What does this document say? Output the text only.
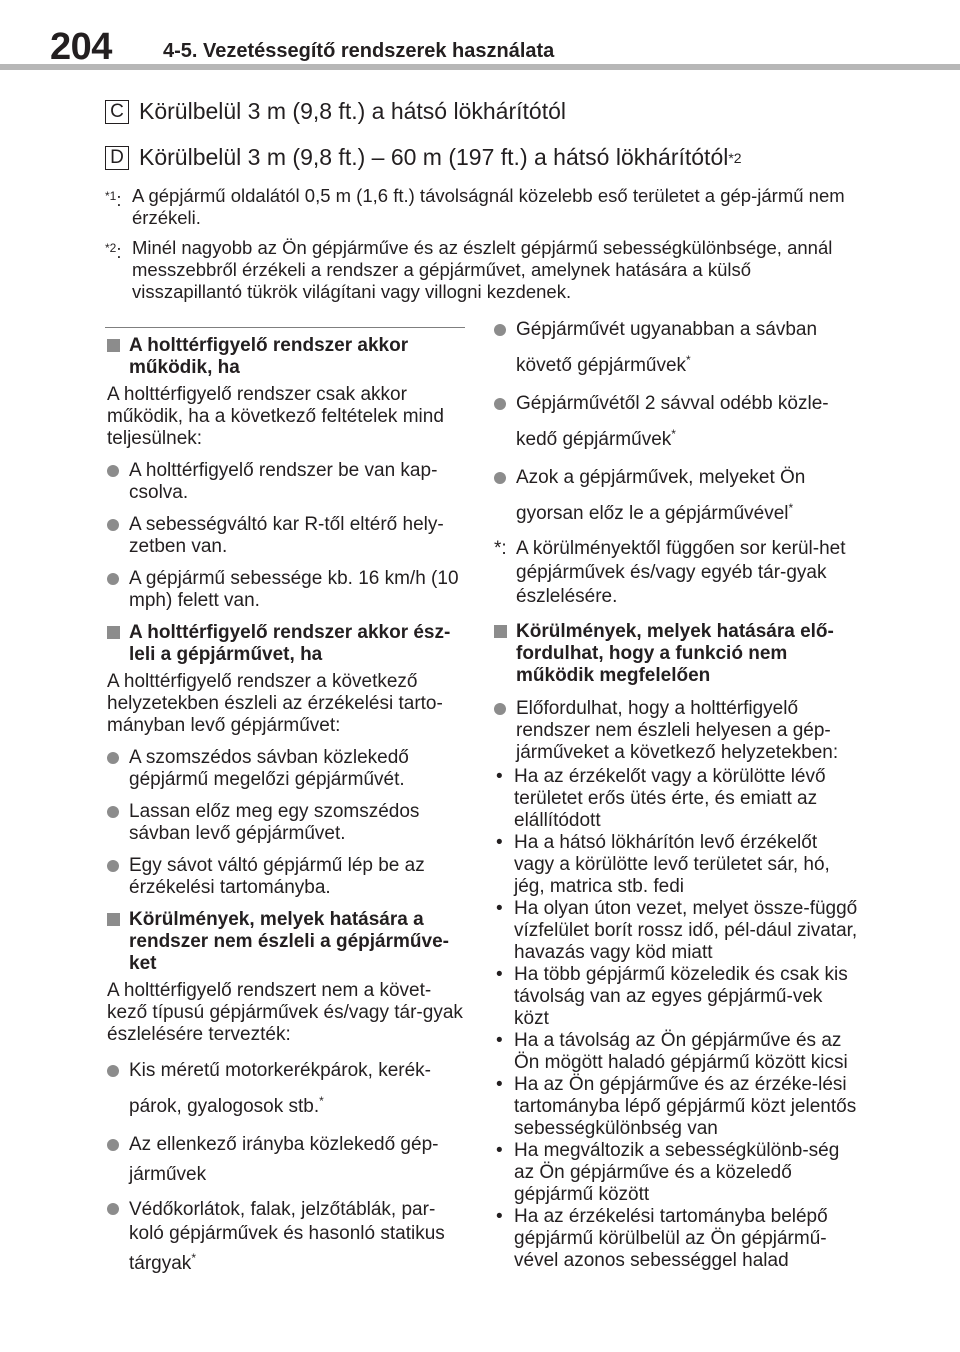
204	4-5. Vezetéssegítő rendszerek használata
C Körülbelül 3 m (9,8 ft.) a hátsó lökhárítótól
D Körülbelül 3 m (9,8 ft.) – 60 m (197 ft.) a hátsó lökhárítótól *2
$^{*1}$: A gépjármű oldalától 0,5 m (1,6 ft.) távolságnál közelebb eső területet a gép-jármű nem érzékeli.
$^{*2}$: Minél nagyobb az Ön gépjárművе és az észlelt gépjármű sebességkülönbsége, annál messzebbről érzékeli a rendszer a gépjárművet, amelynek hatására a külső visszapillantó tükrök világítani vagy villogni kezdenek.
A holttérfigyelő rendszer akkor működik, ha
A holttérfigyelő rendszer csak akkor működik, ha a következő feltételek mind teljesülnek:
A holttérfigyelő rendszer be van kap-csolva.
A sebességváltó kar R-től eltérő hely-zetben van.
A gépjármű sebessége kb. 16 km/h (10 mph) felett van.
A holttérfigyelő rendszer akkor ész-leli a gépjárművet, ha
A holttérfigyelő rendszer a következő helyzetekben észleli az érzékelési tarto-mányban levő gépjárművet:
A szomszédos sávban közlekedő gépjármű megelőzi gépjárművét.
Lassan előz meg egy szomszédos sávban levő gépjárművet.
Egy sávot váltó gépjármű lép be az érzékelési tartományba.
Körülmények, melyek hatására a rendszer nem észleli a gépjárműve-ket
A holttérfigyelő rendszert nem a követ-kező típusú gépjárművek és/vagy tár-gyak észlelésére tervezték:
Kis méretű motorkerékpárok, kerék-párok, gyalogosok stb.*
Az ellenkező irányba közlekedő gép-járművek
Védőkorlátok, falak, jelzőtáblák, par-koló gépjárművek és hasonló statikus tárgyak*
Gépjárművét ugyanabban a sávban követő gépjárművek*
Gépjárművétől 2 sávval odébb közle-kedő gépjárművek*
Azok a gépjárművek, melyeket Ön gyorsan előz le a gépjárművével*
*: A körülményektől függően sor kerül-het gépjárművek és/vagy egyéb tár-gyak észlelésére.
Körülmények, melyek hatására elő-fordulhat, hogy a funkció nem működik megfelelően
Előfordulhat, hogy a holttérfigyelő rendszer nem észleli helyesen a gép-járműveket a következő helyzetekben:
• Ha az érzékelőt vagy a körülötte lévő területet erős ütés érte, és emiatt az elállítódott
• Ha a hátsó lökhárítón levő érzékelőt vagy a körülötte levő területet sár, hó, jég, matrica stb. fedi
• Ha olyan úton vezet, melyet össze-függő vízfelület borít rossz idő, pél-dául zivatar, havazás vagy köd miatt
• Ha több gépjármű közeledik és csak kis távolság van az egyes gépjármű-vek közt
• Ha a távolság az Ön gépjárművе és az Ön mögött haladó gépjármű között kicsi
• Ha az Ön gépjárművе és az érzéke-lési tartományba lépő gépjármű közt jelentős sebességkülönbség van
• Ha megváltozik a sebességkülönb-ség az Ön gépjárművе és a közeledő gépjármű között
• Ha az érzékelési tartományba belépő gépjármű körülbelül az Ön gépjármű-vével azonos sebességgel halad
